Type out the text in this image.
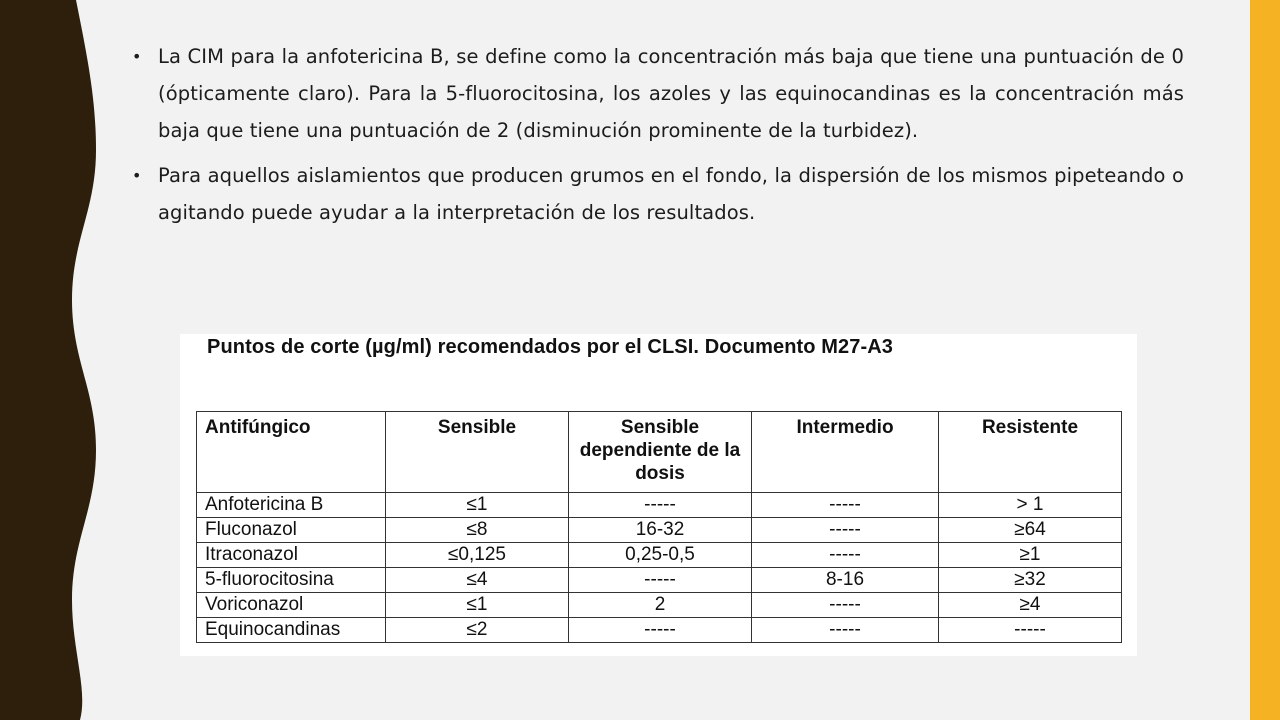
• La CIM para la anfotericina B, se define como la concentración más baja que tiene una puntuación de 0 (ópticamente claro). Para la 5-fluorocitosina, los azoles y las equinocandinas es la concentración más baja que tiene una puntuación de 2 (disminución prominente de la turbidez).
• Para aquellos aislamientos que producen grumos en el fondo, la dispersión de los mismos pipeteando o agitando puede ayudar a la interpretación de los resultados.
Puntos de corte (µg/ml) recomendados por el CLSI. Documento M27-A3
Antifúngico	Sensible	Sensible dependiente de la dosis	Intermedio	Resistente
Anfotericina B	≤1	-----	-----	> 1
Fluconazol	≤8	16-32	-----	≥64
Itraconazol	≤0,125	0,25-0,5	-----	≥1
5-fluorocitosina	≤4	-----	8-16	≥32
Voriconazol	≤1	2	-----	≥4
Equinocandinas	≤2	-----	-----	-----
